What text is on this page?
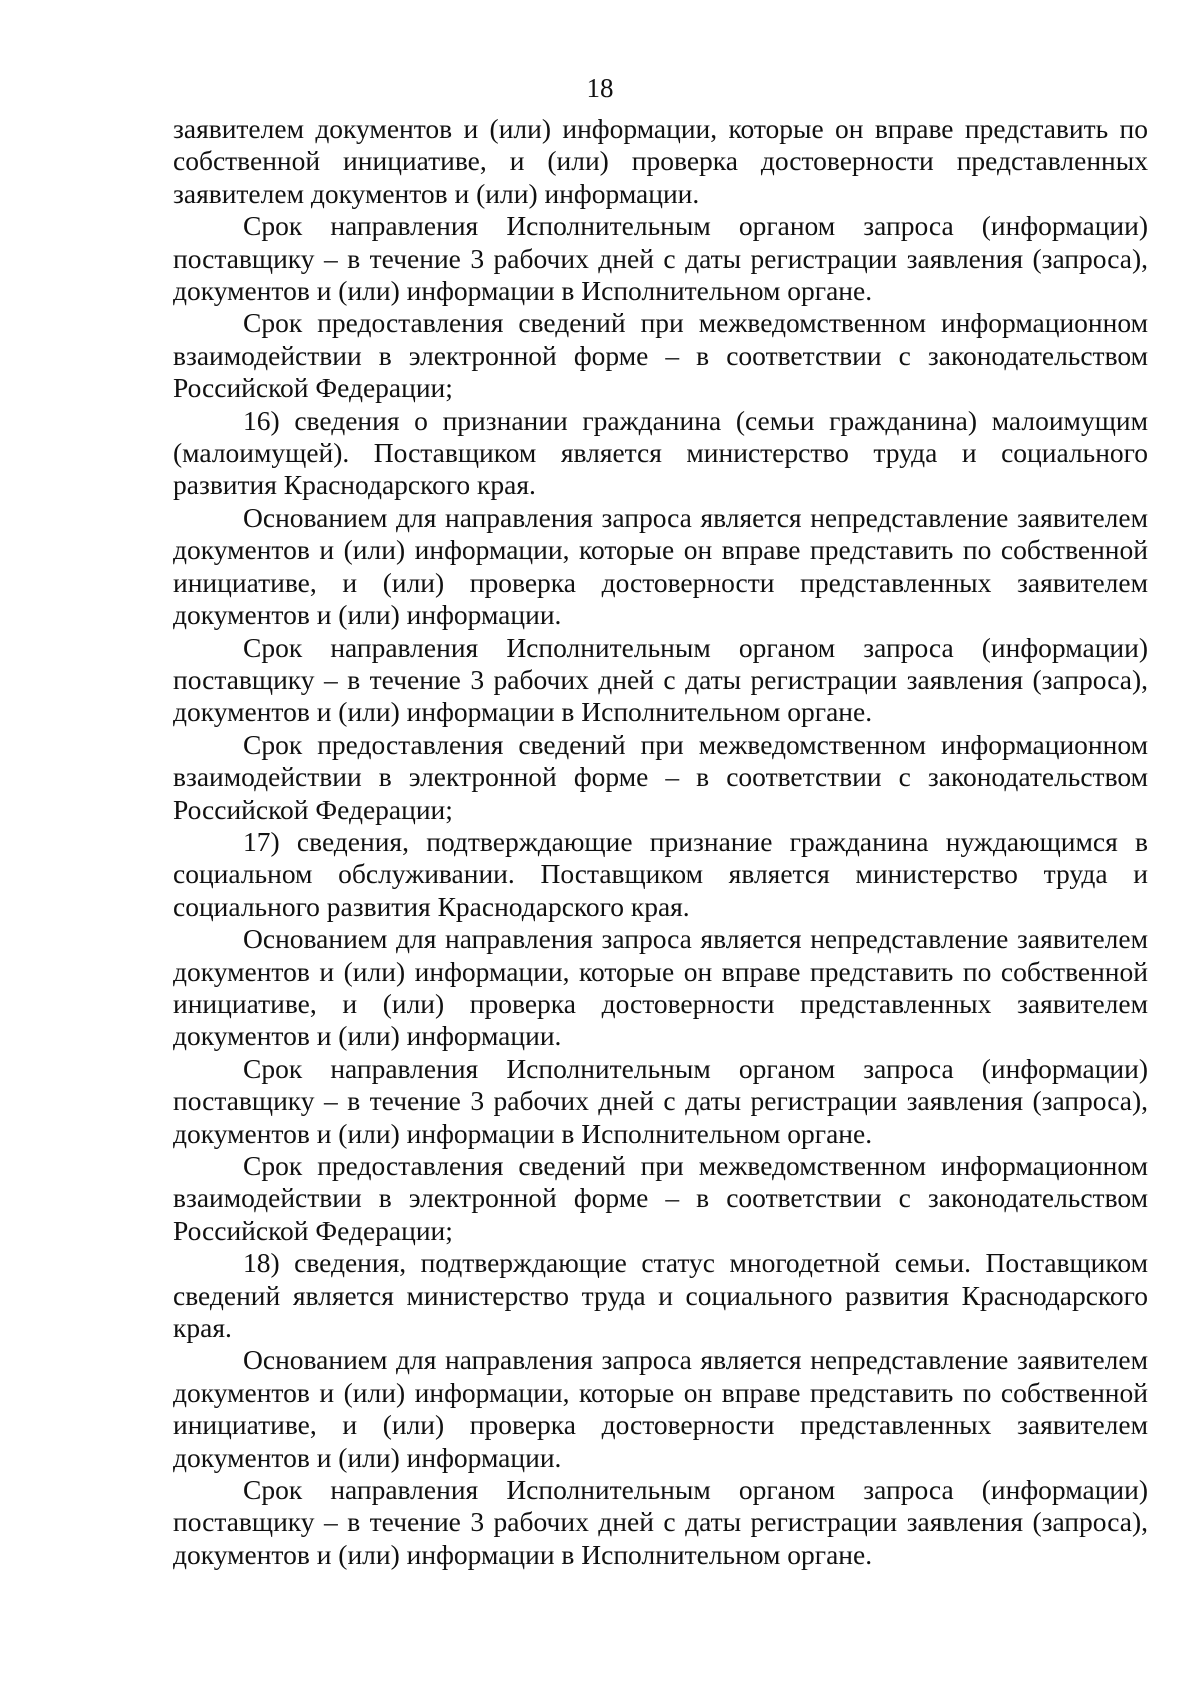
18

заявителем документов и (или) информации, которые он вправе представить по собственной инициативе, и (или) проверка достоверности представленных заявителем документов и (или) информации.

Срок направления Исполнительным органом запроса (информации) поставщику – в течение 3 рабочих дней с даты регистрации заявления (запроса), документов и (или) информации в Исполнительном органе.

Срок предоставления сведений при межведомственном информационном взаимодействии в электронной форме – в соответствии с законодательством Российской Федерации;

16) сведения о признании гражданина (семьи гражданина) малоимущим (малоимущей). Поставщиком является министерство труда и социального развития Краснодарского края.

Основанием для направления запроса является непредставление заявителем документов и (или) информации, которые он вправе представить по собственной инициативе, и (или) проверка достоверности представленных заявителем документов и (или) информации.

Срок направления Исполнительным органом запроса (информации) поставщику – в течение 3 рабочих дней с даты регистрации заявления (запроса), документов и (или) информации в Исполнительном органе.

Срок предоставления сведений при межведомственном информационном взаимодействии в электронной форме – в соответствии с законодательством Российской Федерации;

17) сведения, подтверждающие признание гражданина нуждающимся в социальном обслуживании. Поставщиком является министерство труда и социального развития Краснодарского края.

Основанием для направления запроса является непредставление заявителем документов и (или) информации, которые он вправе представить по собственной инициативе, и (или) проверка достоверности представленных заявителем документов и (или) информации.

Срок направления Исполнительным органом запроса (информации) поставщику – в течение 3 рабочих дней с даты регистрации заявления (запроса), документов и (или) информации в Исполнительном органе.

Срок предоставления сведений при межведомственном информационном взаимодействии в электронной форме – в соответствии с законодательством Российской Федерации;

18) сведения, подтверждающие статус многодетной семьи. Поставщиком сведений является министерство труда и социального развития Краснодарского края.

Основанием для направления запроса является непредставление заявителем документов и (или) информации, которые он вправе представить по собственной инициативе, и (или) проверка достоверности представленных заявителем документов и (или) информации.

Срок направления Исполнительным органом запроса (информации) поставщику – в течение 3 рабочих дней с даты регистрации заявления (запроса), документов и (или) информации в Исполнительном органе.
